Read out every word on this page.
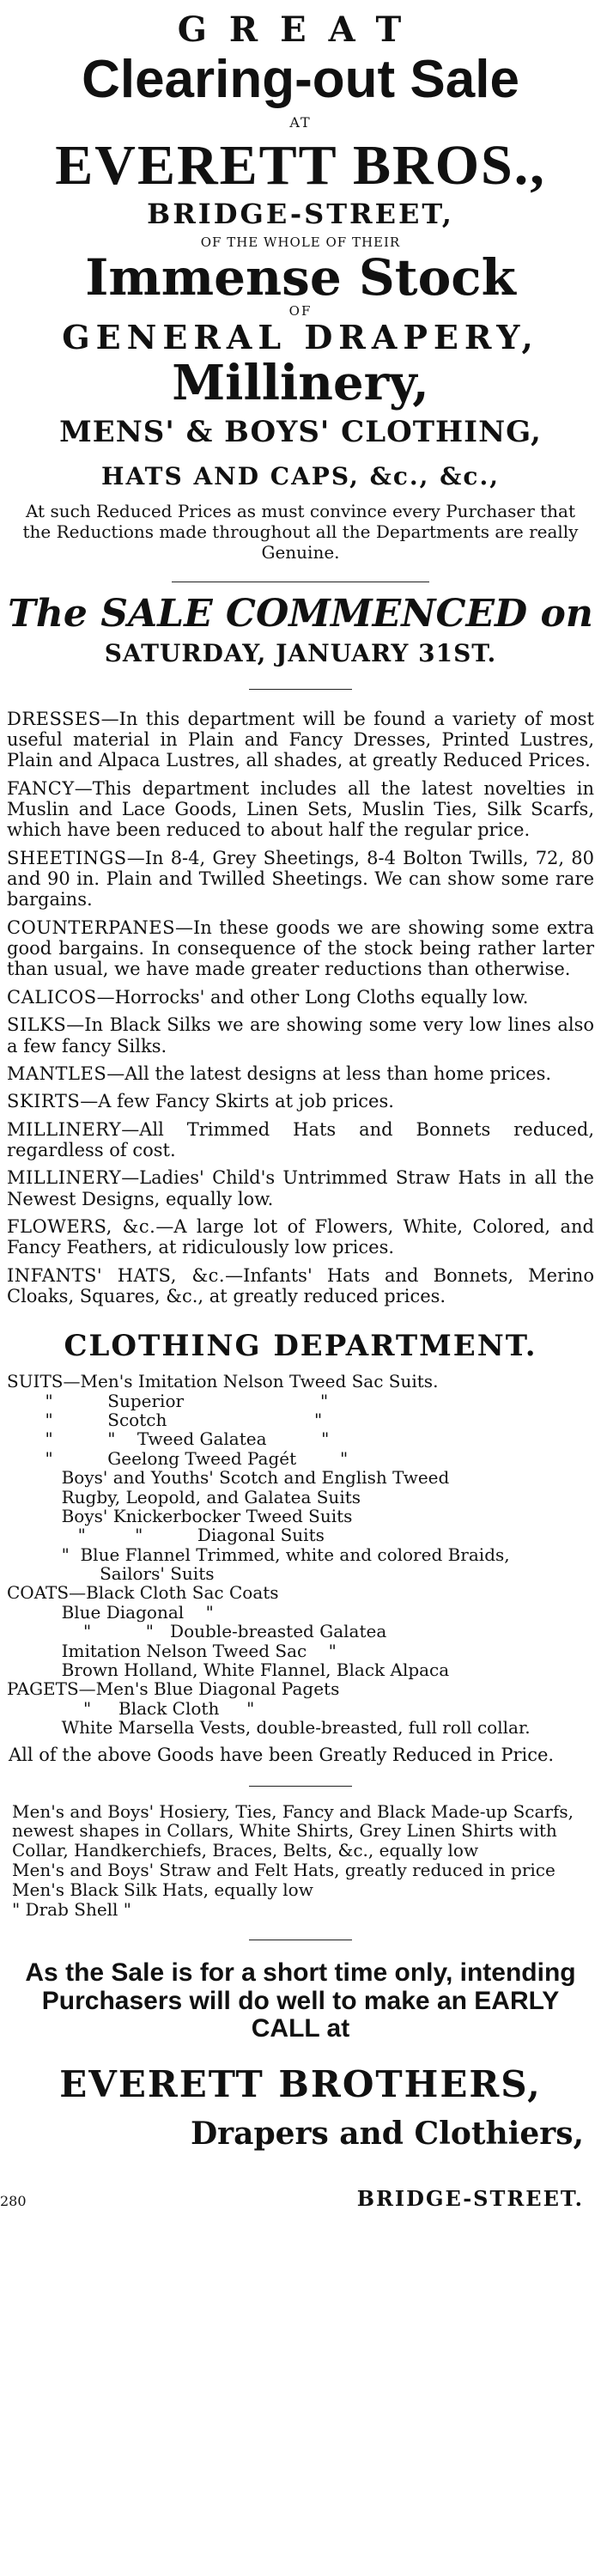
GREAT

Clearing-out Sale

AT

EVERETT BROS.,

BRIDGE-STREET,

OF THE WHOLE OF THEIR

Immense Stock

OF

GENERAL DRAPERY,

Millinery,

MENS' & BOYS' CLOTHING,

HATS AND CAPS, &c., &c.,

At such Reduced Prices as must convince every Purchaser that the Reductions made throughout all the Departments are really Genuine.

The SALE COMMENCED on

SATURDAY, JANUARY 31ST.

DRESSES—In this department will be found a variety of most useful material in Plain and Fancy Dresses, Printed Lustres, Plain and Alpaca Lustres, all shades, at greatly Reduced Prices.

FANCY—This department includes all the latest novelties in Muslin and Lace Goods, Linen Sets, Muslin Ties, Silk Scarfs, which have been reduced to about half the regular price.

SHEETINGS—In 8-4, Grey Sheetings, 8-4 Bolton Twills, 72, 80 and 90 in. Plain and Twilled Sheetings. We can show some rare bargains.

COUNTERPANES—In these goods we are showing some extra good bargains. In consequence of the stock being rather larter than usual, we have made greater reductions than otherwise.

CALICOS—Horrocks' and other Long Cloths equally low.

SILKS—In Black Silks we are showing some very low lines also a few fancy Silks.

MANTLES—All the latest designs at less than home prices.

SKIRTS—A few Fancy Skirts at job prices.

MILLINERY—All Trimmed Hats and Bonnets reduced, regardless of cost.

MILLINERY—Ladies' Child's Untrimmed Straw Hats in all the Newest Designs, equally low.

FLOWERS, &c.—A large lot of Flowers, White, Colored, and Fancy Feathers, at ridiculously low prices.

INFANTS' HATS, &c.—Infants' Hats and Bonnets, Merino Cloaks, Squares, &c., at greatly reduced prices.

CLOTHING DEPARTMENT.

SUITS—Men's Imitation Nelson Tweed Sac Suits.

"          Superior                         "

"          Scotch                           "

"          "    Tweed Galatea          "

"          Geelong Tweed Pagét        "

Boys' and Youths' Scotch and English Tweed

Rugby, Leopold, and Galatea Suits

Boys' Knickerbocker Tweed Suits

"         "          Diagonal Suits

"  Blue Flannel Trimmed, white and colored Braids,

Sailors' Suits

COATS—Black Cloth Sac Coats

Blue Diagonal    "

"          "   Double-breasted Galatea

Imitation Nelson Tweed Sac    "

Brown Holland, White Flannel, Black Alpaca

PAGETS—Men's Blue Diagonal Pagets

"     Black Cloth     "

White Marsella Vests, double-breasted, full roll collar.

All of the above Goods have been Greatly Reduced in Price.

Men's and Boys' Hosiery, Ties, Fancy and Black Made-up Scarfs, newest shapes in Collars, White Shirts, Grey Linen Shirts with Collar, Handkerchiefs, Braces, Belts, &c., equally low

Men's and Boys' Straw and Felt Hats, greatly reduced in price

Men's Black Silk Hats, equally low

" Drab Shell "

As the Sale is for a short time only, intending Purchasers will do well to make an EARLY CALL at

EVERETT BROTHERS,

Drapers and Clothiers,

280	BRIDGE-STREET.
